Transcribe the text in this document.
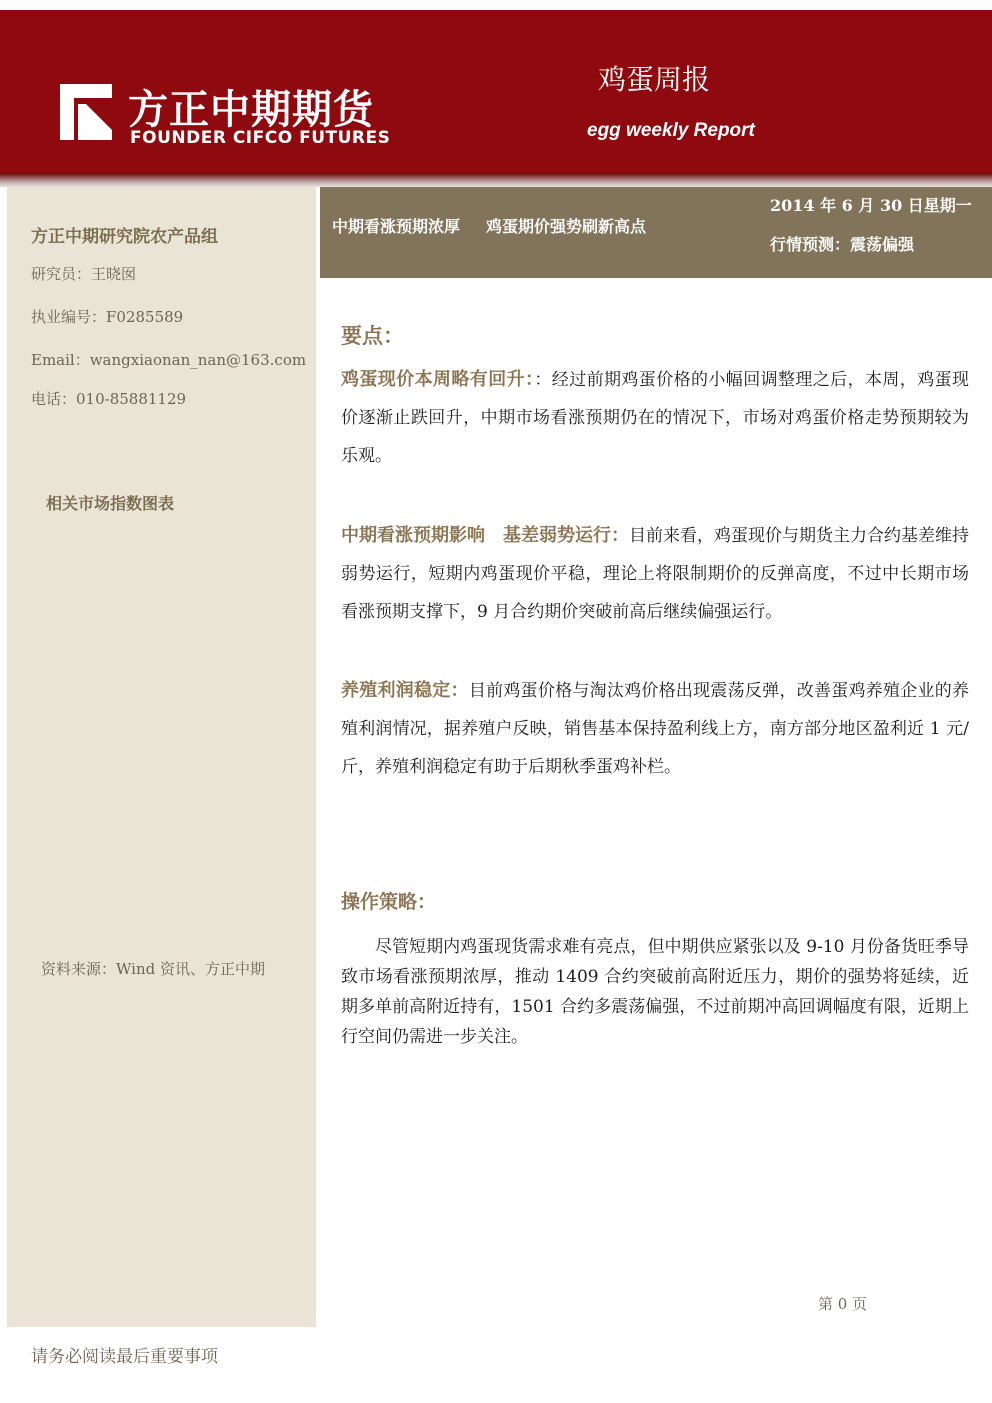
方正中期期货
FOUNDER CIFCO FUTURES
鸡蛋周报
egg weekly Report
方正中期研究院农产品组
研究员：王晓囡
执业编号：F0285589
Email：wangxiaonan_nan@163.com
电话：010-85881129
相关市场指数图表
资料来源：Wind 资讯、方正中期
中期看涨预期浓厚 鸡蛋期价强势刷新高点
2014 年 6 月 30 日星期一
行情预测：震荡偏强
要点：
鸡蛋现价本周略有回升：：经过前期鸡蛋价格的小幅回调整理之后，本周，鸡蛋现价逐渐止跌回升，中期市场看涨预期仍在的情况下，市场对鸡蛋价格走势预期较为乐观。
中期看涨预期影响　基差弱势运行：目前来看，鸡蛋现价与期货主力合约基差维持弱势运行，短期内鸡蛋现价平稳，理论上将限制期价的反弹高度，不过中长期市场看涨预期支撑下，9 月合约期价突破前高后继续偏强运行。
养殖利润稳定：目前鸡蛋价格与淘汰鸡价格出现震荡反弹，改善蛋鸡养殖企业的养殖利润情况，据养殖户反映，销售基本保持盈利线上方，南方部分地区盈利近 1 元/斤，养殖利润稳定有助于后期秋季蛋鸡补栏。
操作策略：
尽管短期内鸡蛋现货需求难有亮点，但中期供应紧张以及 9-10 月份备货旺季导致市场看涨预期浓厚，推动 1409 合约突破前高附近压力，期价的强势将延续，近期多单前高附近持有，1501 合约多震荡偏强，不过前期冲高回调幅度有限，近期上行空间仍需进一步关注。
第 0 页
请务必阅读最后重要事项
